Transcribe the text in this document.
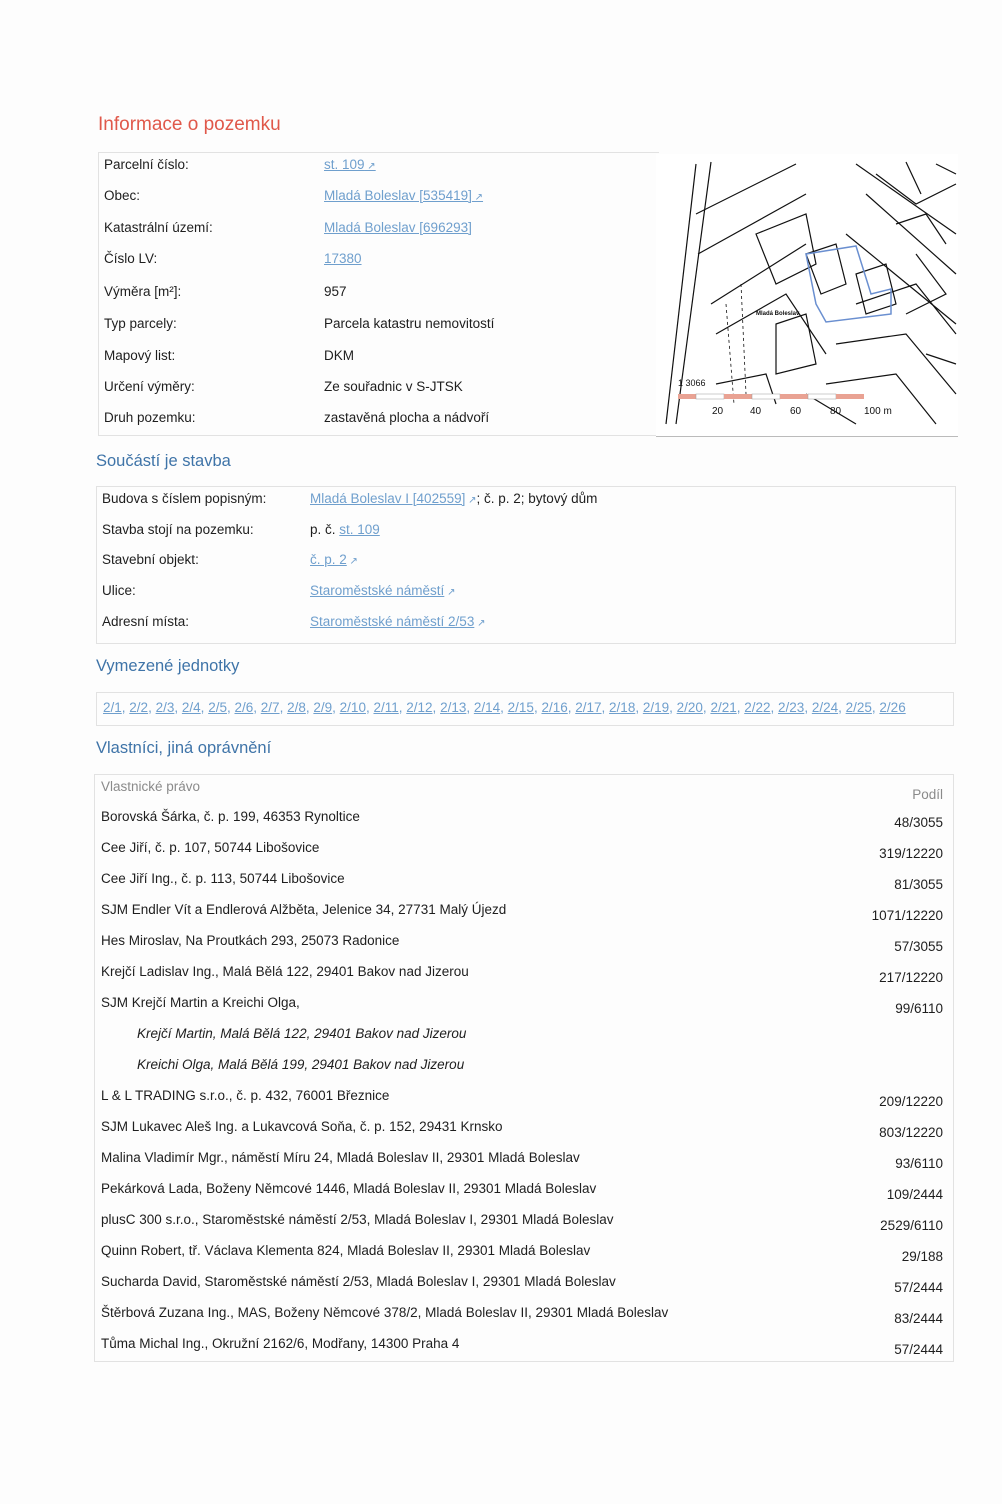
Informace o pozemku
Parcelní číslo:	st. 109 ↗
Obec:	Mladá Boleslav [535419] ↗
Katastrální území:	Mladá Boleslav [696293]
Číslo LV:	17380
Výměra [m²]:	957
Typ parcely:	Parcela katastru nemovitostí
Mapový list:	DKM
Určení výměry:	Ze souřadnic v S-JTSK
Druh pozemku:	zastavěná plocha a nádvoří
Mladá Boleslav
1 3066
20	40	60	80 100 m
Součástí je stavba
Budova s číslem popisným:	Mladá Boleslav I [402559] ↗; č. p. 2; bytový dům
Stavba stojí na pozemku:	p. č. st. 109
Stavební objekt:	č. p. 2 ↗
Ulice:	Staroměstské náměstí ↗
Adresní místa:	Staroměstské náměstí 2/53 ↗
Vymezené jednotky
2/1, 2/2, 2/3, 2/4, 2/5, 2/6, 2/7, 2/8, 2/9, 2/10, 2/11, 2/12, 2/13, 2/14, 2/15, 2/16, 2/17, 2/18, 2/19, 2/20, 2/21, 2/22, 2/23, 2/24, 2/25, 2/26
Vlastníci, jiná oprávnění
Vlastnické právo
Podíl
Borovská Šárka, č. p. 199, 46353 Rynoltice	48/3055
Cee Jiří, č. p. 107, 50744 Libošovice	319/12220
Cee Jiří Ing., č. p. 113, 50744 Libošovice	81/3055
SJM Endler Vít a Endlerová Alžběta, Jelenice 34, 27731 Malý Újezd	1071/12220
Hes Miroslav, Na Proutkách 293, 25073 Radonice	57/3055
Krejčí Ladislav Ing., Malá Bělá 122, 29401 Bakov nad Jizerou	217/12220
SJM Krejčí Martin a Kreichi Olga,	99/6110
Krejčí Martin, Malá Bělá 122, 29401 Bakov nad Jizerou
Kreichi Olga, Malá Bělá 199, 29401 Bakov nad Jizerou
L & L TRADING s.r.o., č. p. 432, 76001 Březnice	209/12220
SJM Lukavec Aleš Ing. a Lukavcová Soňa, č. p. 152, 29431 Krnsko	803/12220
Malina Vladimír Mgr., náměstí Míru 24, Mladá Boleslav II, 29301 Mladá Boleslav	93/6110
Pekárková Lada, Boženy Němcové 1446, Mladá Boleslav II, 29301 Mladá Boleslav	109/2444
plusC 300 s.r.o., Staroměstské náměstí 2/53, Mladá Boleslav I, 29301 Mladá Boleslav	2529/6110
Quinn Robert, tř. Václava Klementa 824, Mladá Boleslav II, 29301 Mladá Boleslav	29/188
Sucharda David, Staroměstské náměstí 2/53, Mladá Boleslav I, 29301 Mladá Boleslav	57/2444
Štěrbová Zuzana Ing., MAS, Boženy Němcové 378/2, Mladá Boleslav II, 29301 Mladá Boleslav	83/2444
Tůma Michal Ing., Okružní 2162/6, Modřany, 14300 Praha 4	57/2444
